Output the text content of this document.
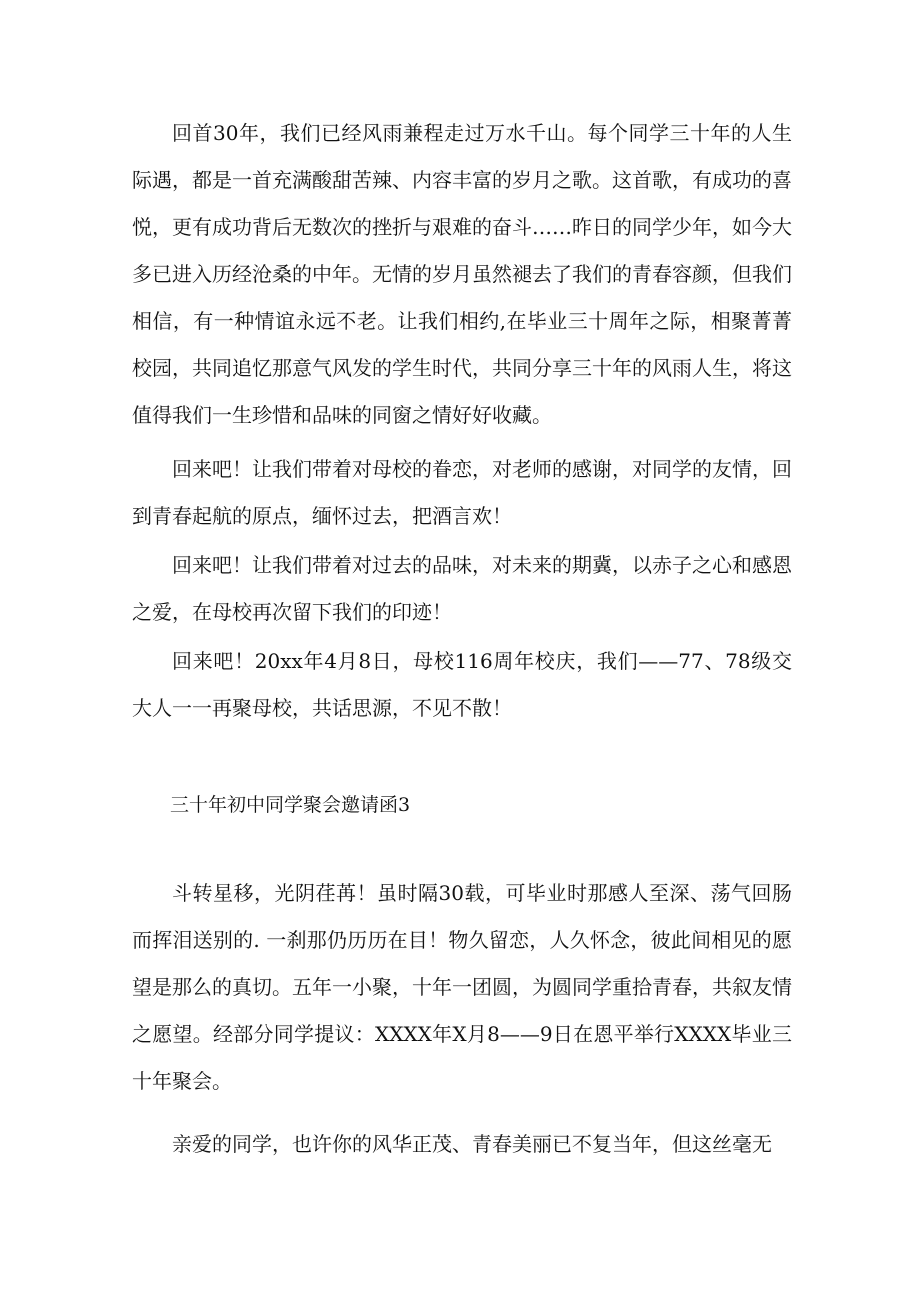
回首30年，我们已经风雨兼程走过万水千山。每个同学三十年的人生际遇，都是一首充满酸甜苦辣、内容丰富的岁月之歌。这首歌，有成功的喜悦，更有成功背后无数次的挫折与艰难的奋斗……昨日的同学少年，如今大多已进入历经沧桑的中年。无情的岁月虽然褪去了我们的青春容颜，但我们相信，有一种情谊永远不老。让我们相约,在毕业三十周年之际，相聚菁菁校园，共同追忆那意气风发的学生时代，共同分享三十年的风雨人生，将这值得我们一生珍惜和品味的同窗之情好好收藏。

回来吧！让我们带着对母校的眷恋，对老师的感谢，对同学的友情，回到青春起航的原点，缅怀过去，把酒言欢！

回来吧！让我们带着对过去的品味，对未来的期冀，以赤子之心和感恩之爱，在母校再次留下我们的印迹！

回来吧！20xx年4月8日，母校116周年校庆，我们——77、78级交大人一一再聚母校，共话思源，不见不散！

三十年初中同学聚会邀请函3

斗转星移，光阴荏苒！虽时隔30载，可毕业时那感人至深、荡气回肠而挥泪送别的. 一刹那仍历历在目！物久留恋，人久怀念，彼此间相见的愿望是那么的真切。五年一小聚，十年一团圆，为圆同学重拾青春，共叙友情之愿望。经部分同学提议：XXXX年X月8——9日在恩平举行XXXX毕业三十年聚会。

亲爱的同学，也许你的风华正茂、青春美丽已不复当年，但这丝毫无
